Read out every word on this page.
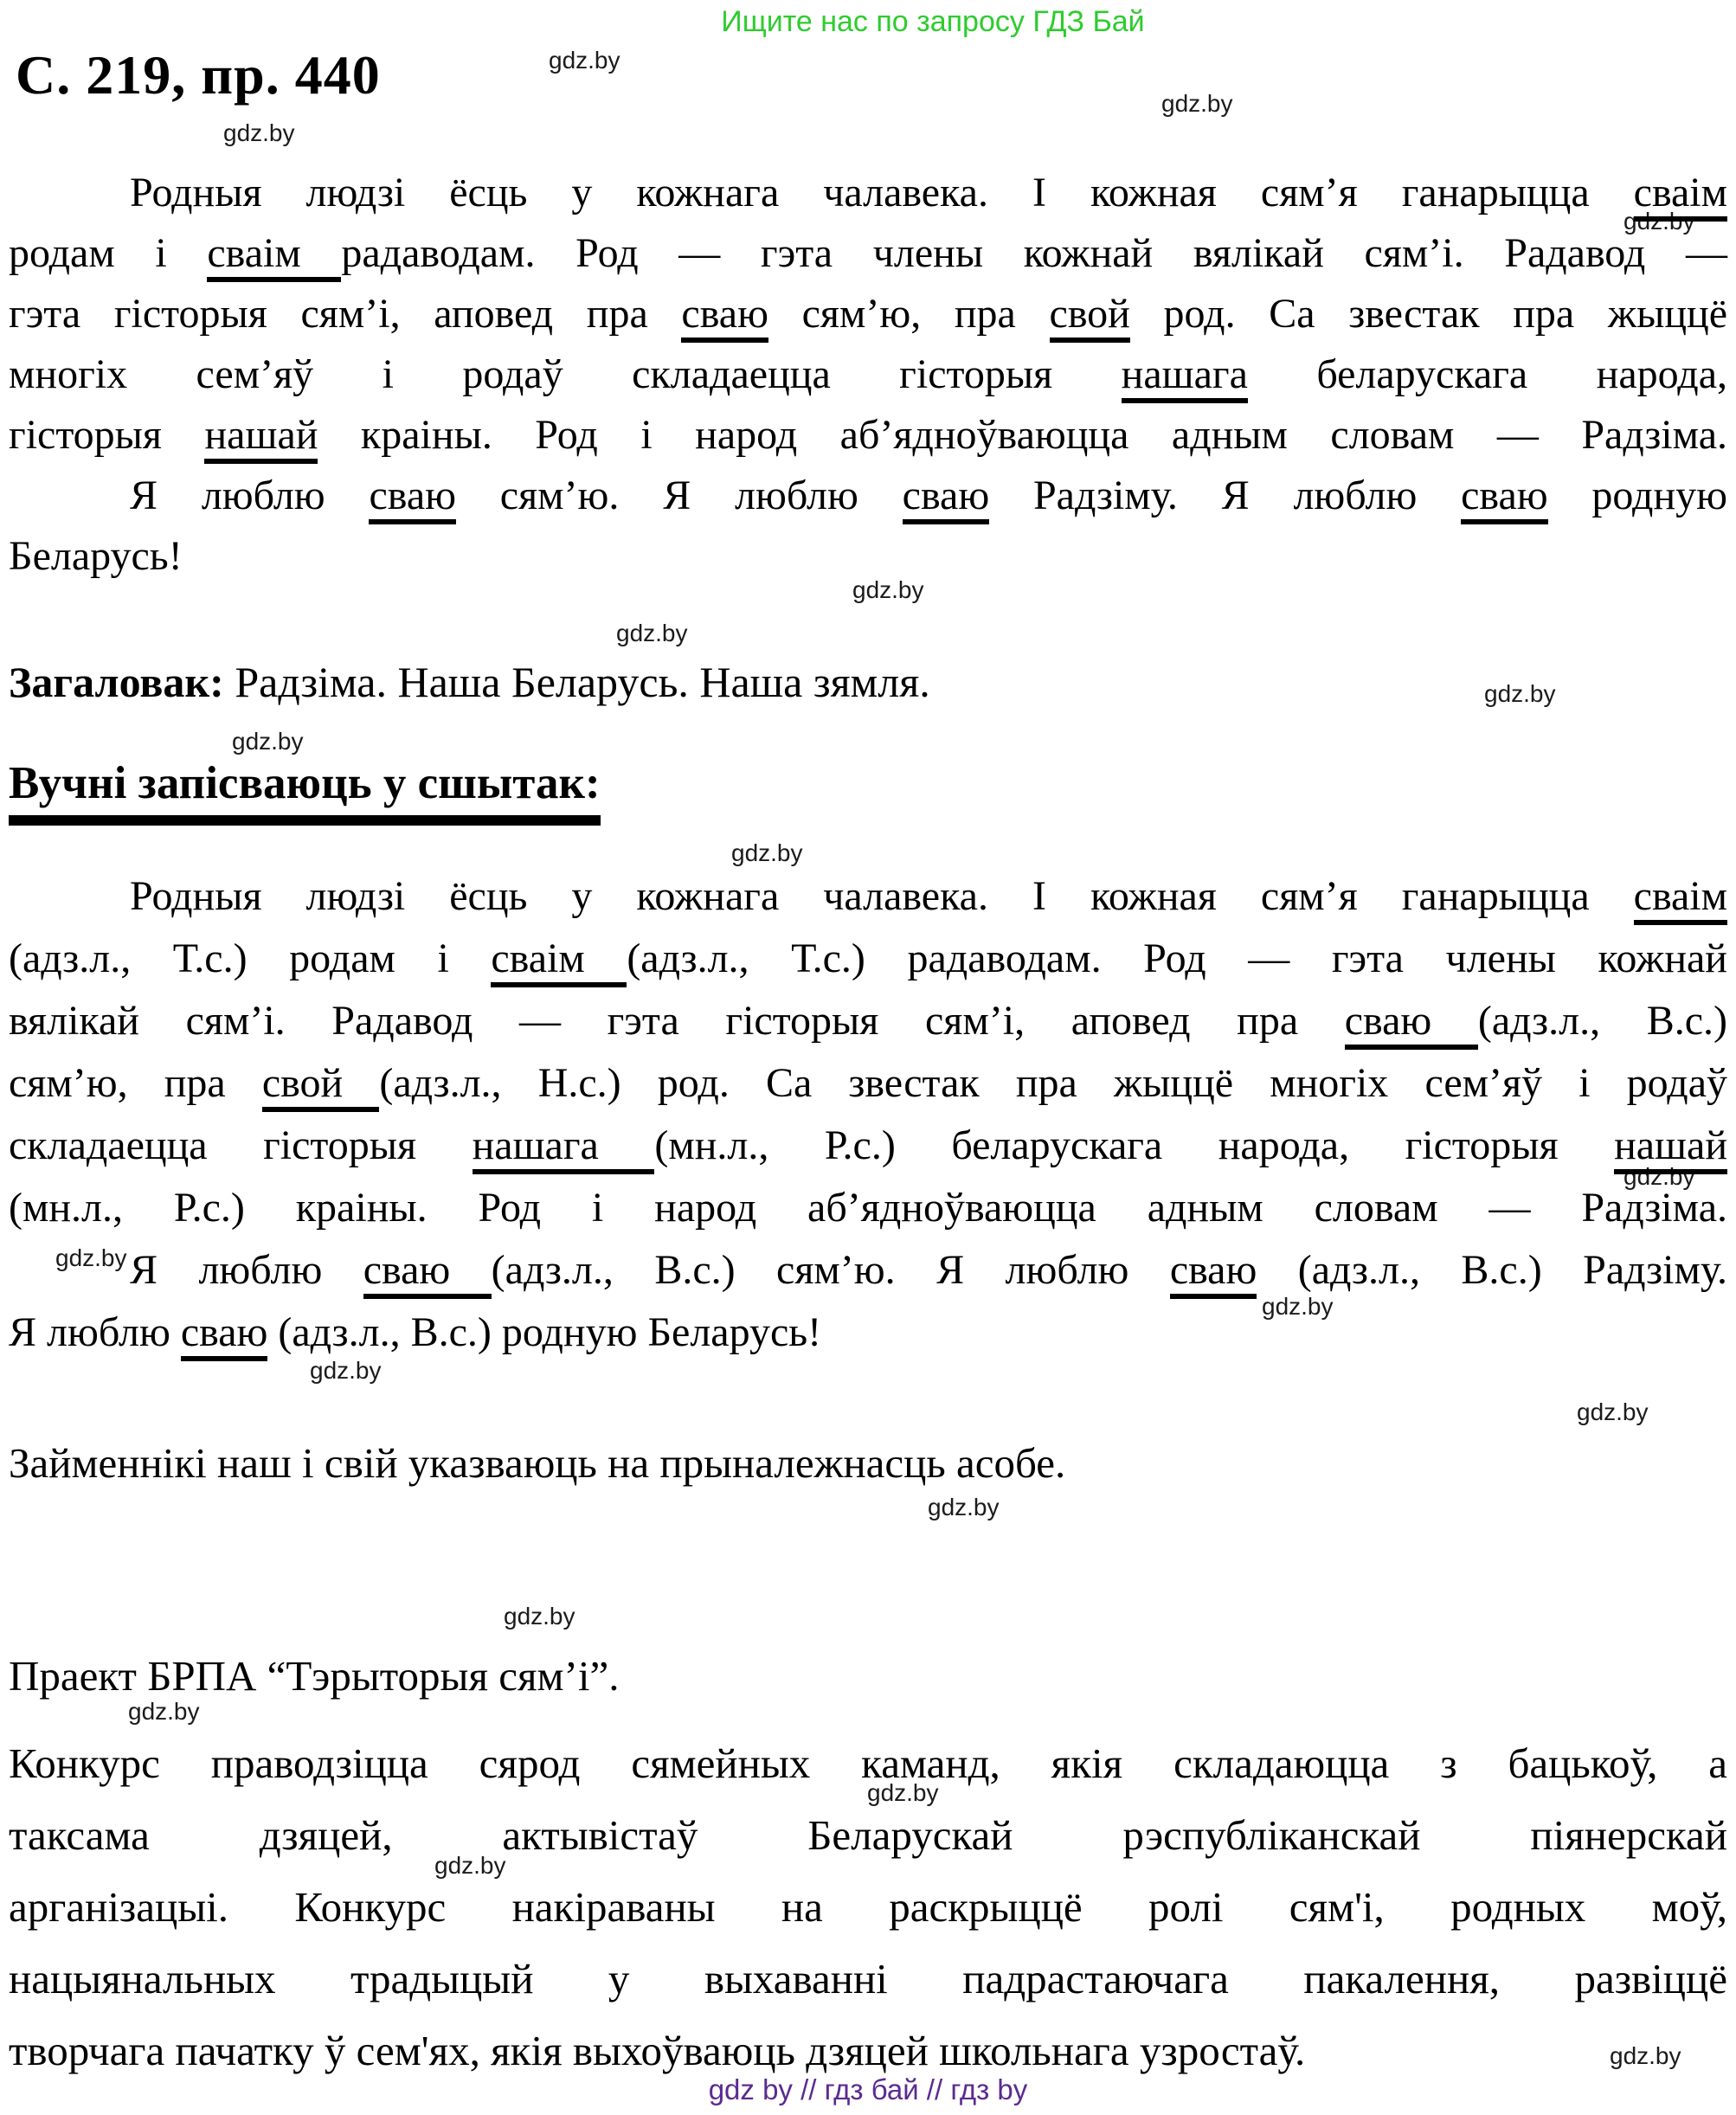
Ищите нас по запросу ГДЗ Бай
С. 219, пр. 440	gdz.by
gdz.by
gdz.by
gdz.by
gdz.by
gdz.by
gdz.by
gdz.by
gdz.by
gdz.by
gdz.by
gdz.by
gdz.by
gdz.by
gdz.by
gdz.by
gdz.by
gdz.by
gdz.by
gdz.by
Родныя людзі ёсць у кожнага чалавека. І кожная сям’я ганарыцца сваім
родам і сваім радаводам. Род — гэта члены кожнай вялікай сям’і. Радавод —
гэта гісторыя сям’і, аповед пра сваю сям’ю, пра свой род. Са звестак пра жыццё
многіх сем’яў і родаў складаецца гісторыя нашага беларускага народа,
гісторыя нашай краіны. Род і народ аб’ядноўваюцца адным словам — Радзіма.
Я люблю сваю сям’ю. Я люблю сваю Радзіму. Я люблю сваю родную
Беларусь!
Загаловак: Радзіма. Наша Беларусь. Наша зямля.
Вучні запісваюць у сшытак:
Родныя людзі ёсць у кожнага чалавека. І кожная сям’я ганарыцца сваім
(адз.л., Т.с.) родам і сваім (адз.л., Т.с.) радаводам. Род — гэта члены кожнай
вялікай сям’і. Радавод — гэта гісторыя сям’і, аповед пра сваю (адз.л., В.с.)
сям’ю, пра свой (адз.л., Н.с.) род. Са звестак пра жыццё многіх сем’яў і родаў
складаецца гісторыя нашага (мн.л., Р.с.) беларускага народа, гісторыя нашай
(мн.л., Р.с.) краіны. Род і народ аб’ядноўваюцца адным словам — Радзіма.
Я люблю сваю (адз.л., В.с.) сям’ю. Я люблю сваю (адз.л., В.с.) Радзіму.
Я люблю сваю (адз.л., В.с.) родную Беларусь!
Займеннікі наш і свій указваюць на прыналежнасць асобе.
Праект БРПА “Тэрыторыя сям’і”.
Конкурс праводзіцца сярод сямейных каманд, якія складаюцца з бацькоў, а
таксама дзяцей, актывістаў Беларускай рэспубліканскай піянерскай
арганізацыі. Конкурс накіраваны на раскрыццё ролі сям'і, родных моў,
нацыянальных традыцый у выхаванні падрастаючага пакалення, развіццё
творчага пачатку ў сем'ях, якія выхоўваюць дзяцей школьнага узростаў.
gdz by // гдз бай // гдз by
